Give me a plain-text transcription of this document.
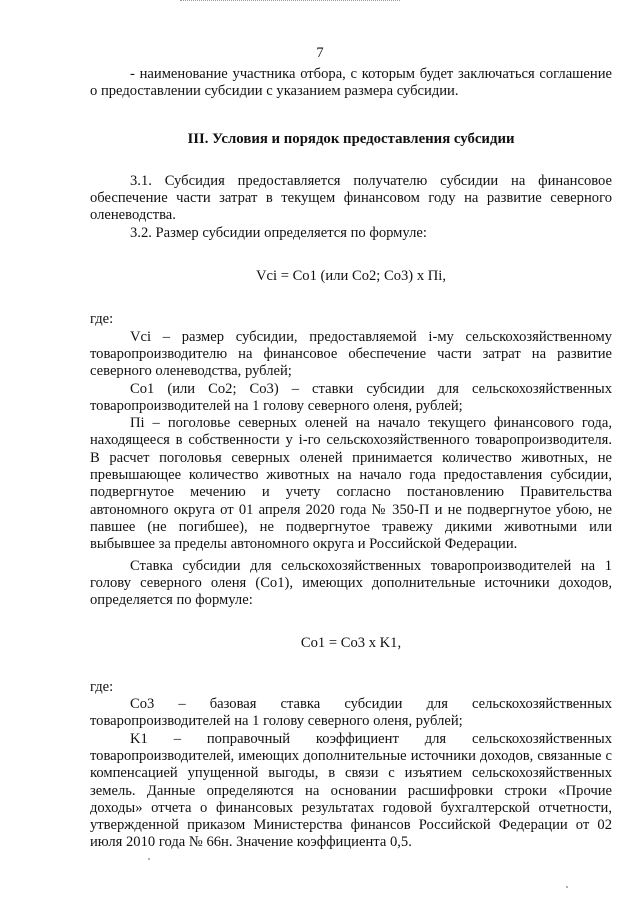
7

- наименование участника отбора, с которым будет заключаться соглашение о предоставлении субсидии с указанием размера субсидии.

III. Условия и порядок предоставления субсидии

3.1. Субсидия предоставляется получателю субсидии на финансовое обеспечение части затрат в текущем финансовом году на развитие северного оленеводства.

3.2. Размер субсидии определяется по формуле:

Vci = Co1 (или Co2; Co3) x Пi,

где:

Vci – размер субсидии, предоставляемой i-му сельскохозяйственному товаропроизводителю на финансовое обеспечение части затрат на развитие северного оленеводства, рублей;

Co1 (или Co2; Co3) – ставки субсидии для сельскохозяйственных товаропроизводителей на 1 голову северного оленя, рублей;

Пi – поголовье северных оленей на начало текущего финансового года, находящееся в собственности у i-го сельскохозяйственного товаропроизводителя. В расчет поголовья северных оленей принимается количество животных, не превышающее количество животных на начало года предоставления субсидии, подвергнутое мечению и учету согласно постановлению Правительства автономного округа от 01 апреля 2020 года № 350-П и не подвергнутое убою, не павшее (не погибшее), не подвергнутое травежу дикими животными или выбывшее за пределы автономного округа и Российской Федерации.

Ставка субсидии для сельскохозяйственных товаропроизводителей на 1 голову северного оленя (Co1), имеющих дополнительные источники доходов, определяется по формуле:

Co1 = Co3 x K1,

где:

Co3 – базовая ставка субсидии для сельскохозяйственных товаропроизводителей на 1 голову северного оленя, рублей;

K1 – поправочный коэффициент для сельскохозяйственных товаропроизводителей, имеющих дополнительные источники доходов, связанные с компенсацией упущенной выгоды, в связи с изъятием сельскохозяйственных земель. Данные определяются на основании расшифровки строки «Прочие доходы» отчета о финансовых результатах годовой бухгалтерской отчетности, утвержденной приказом Министерства финансов Российской Федерации от 02 июля 2010 года № 66н. Значение коэффициента 0,5.
